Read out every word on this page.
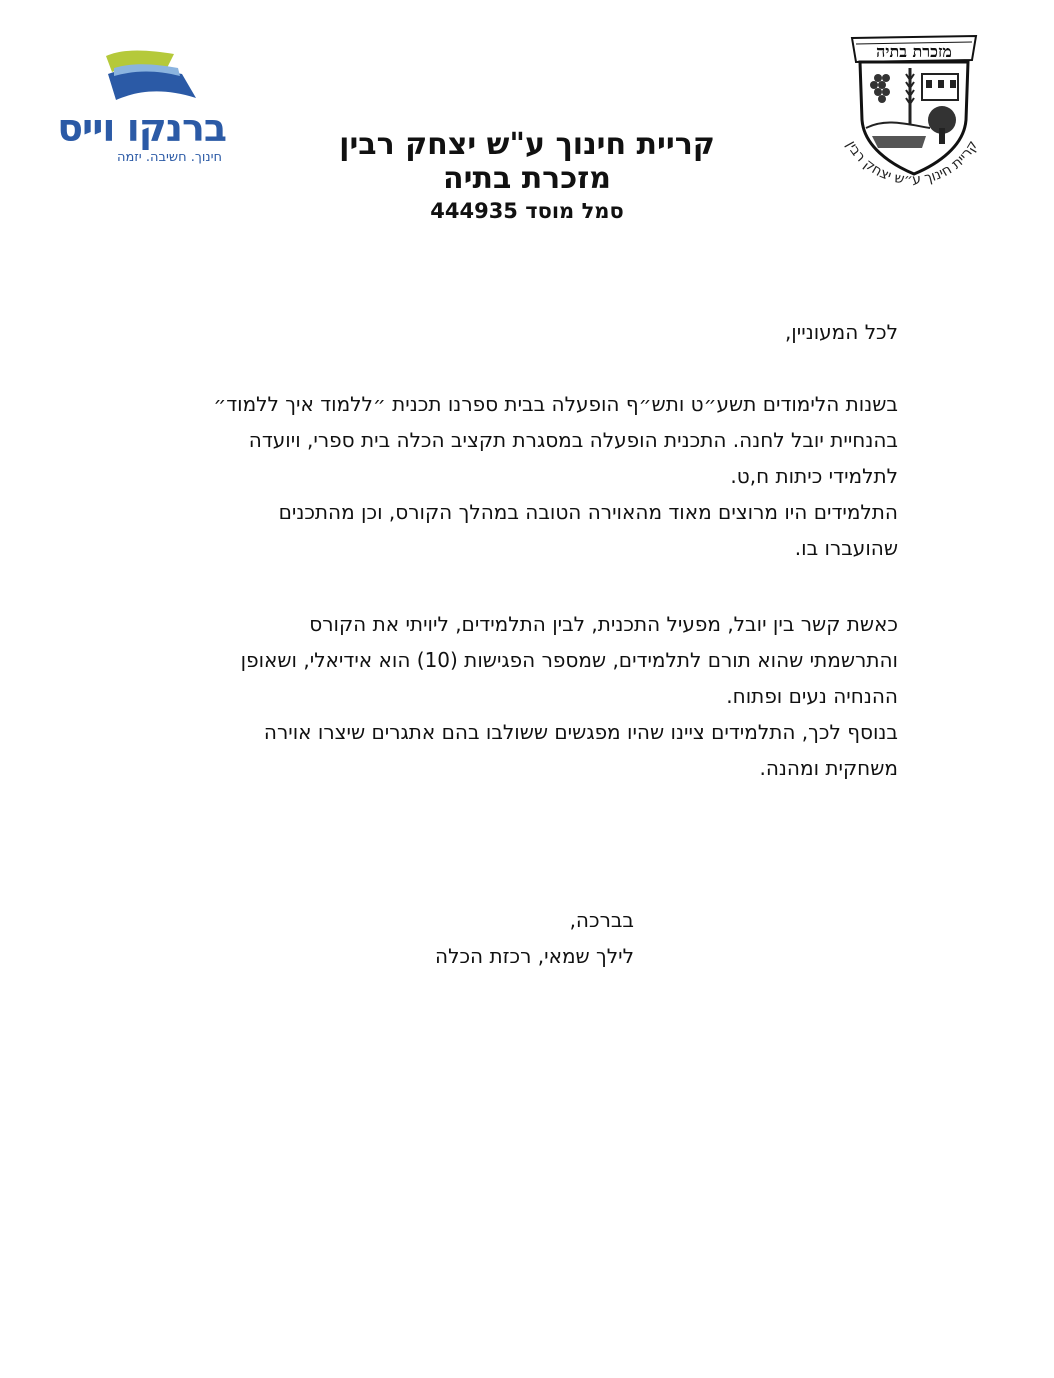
ברנקו וייס
חינוך. חשיבה. יזמה
מזכרת בתיה
קריית חינוך ע״ש יצחק רבין
קריית חינוך ע"ש יצחק רבין
מזכרת בתיה
סמל מוסד 444935
לכל המעוניין,
בשנות הלימודים תשע״ט ותש״ף הופעלה בבית ספרנו תכנית ״ללמוד איך ללמוד״
בהנחיית יובל לחנה. התכנית הופעלה במסגרת תקציב הכלה בית ספרי, ויועדה
לתלמידי כיתות ח,ט.
התלמידים היו מרוצים מאוד מהאוירה הטובה במהלך הקורס, וכן מהתכנים
שהועברו בו.
כאשת קשר בין יובל, מפעיל התכנית, לבין התלמידים, ליויתי את הקורס
והתרשמתי שהוא תורם לתלמידים, שמספר הפגישות (10) הוא אידיאלי, ושאופן
ההנחיה נעים ופתוח.
בנוסף לכך, התלמידים ציינו שהיו מפגשים ששולבו בהם אתגרים שיצרו אוירה
משחקית ומהנה.
בברכה,
לילך שמאי, רכזת הכלה
